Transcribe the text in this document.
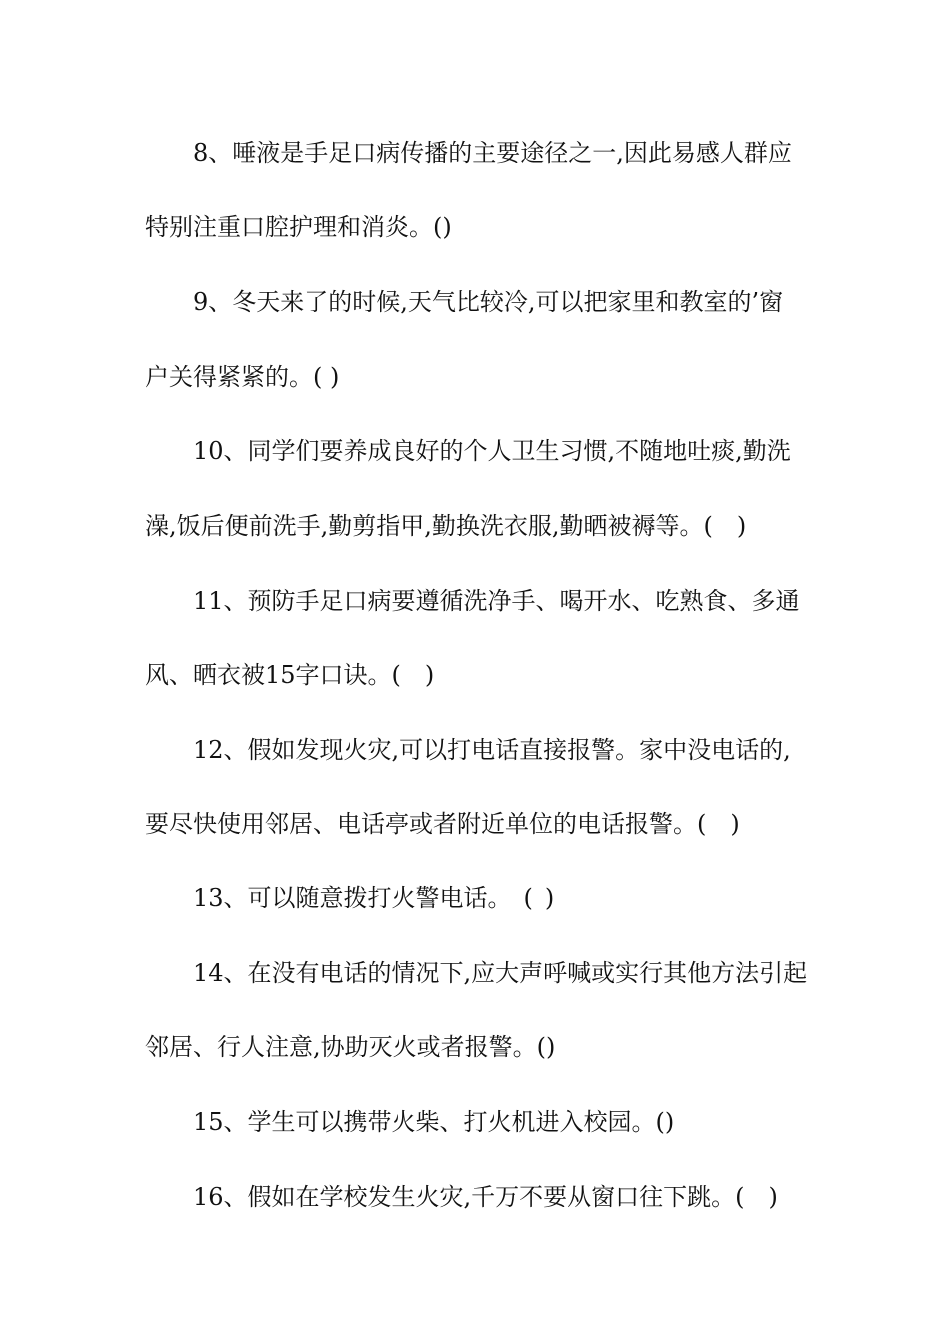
8、唾液是手足口病传播的主要途径之一,因此易感人群应
特别注重口腔护理和消炎。()
9、冬天来了的时候,天气比较冷,可以把家里和教室的’窗
户关得紧紧的。( )
10、同学们要养成良好的个人卫生习惯,不随地吐痰,勤洗
澡,饭后便前洗手,勤剪指甲,勤换洗衣服,勤晒被褥等。(　)
11、预防手足口病要遵循洗净手、喝开水、吃熟食、多通
风、晒衣被15字口诀。(　)
12、假如发现火灾,可以打电话直接报警。家中没电话的,
要尽快使用邻居、电话亭或者附近单位的电话报警。(　)
13、可以随意拨打火警电话。　( )
14、在没有电话的情况下,应大声呼喊或实行其他方法引起
邻居、行人注意,协助灭火或者报警。()
15、学生可以携带火柴、打火机进入校园。()
16、假如在学校发生火灾,千万不要从窗口往下跳。(　)
